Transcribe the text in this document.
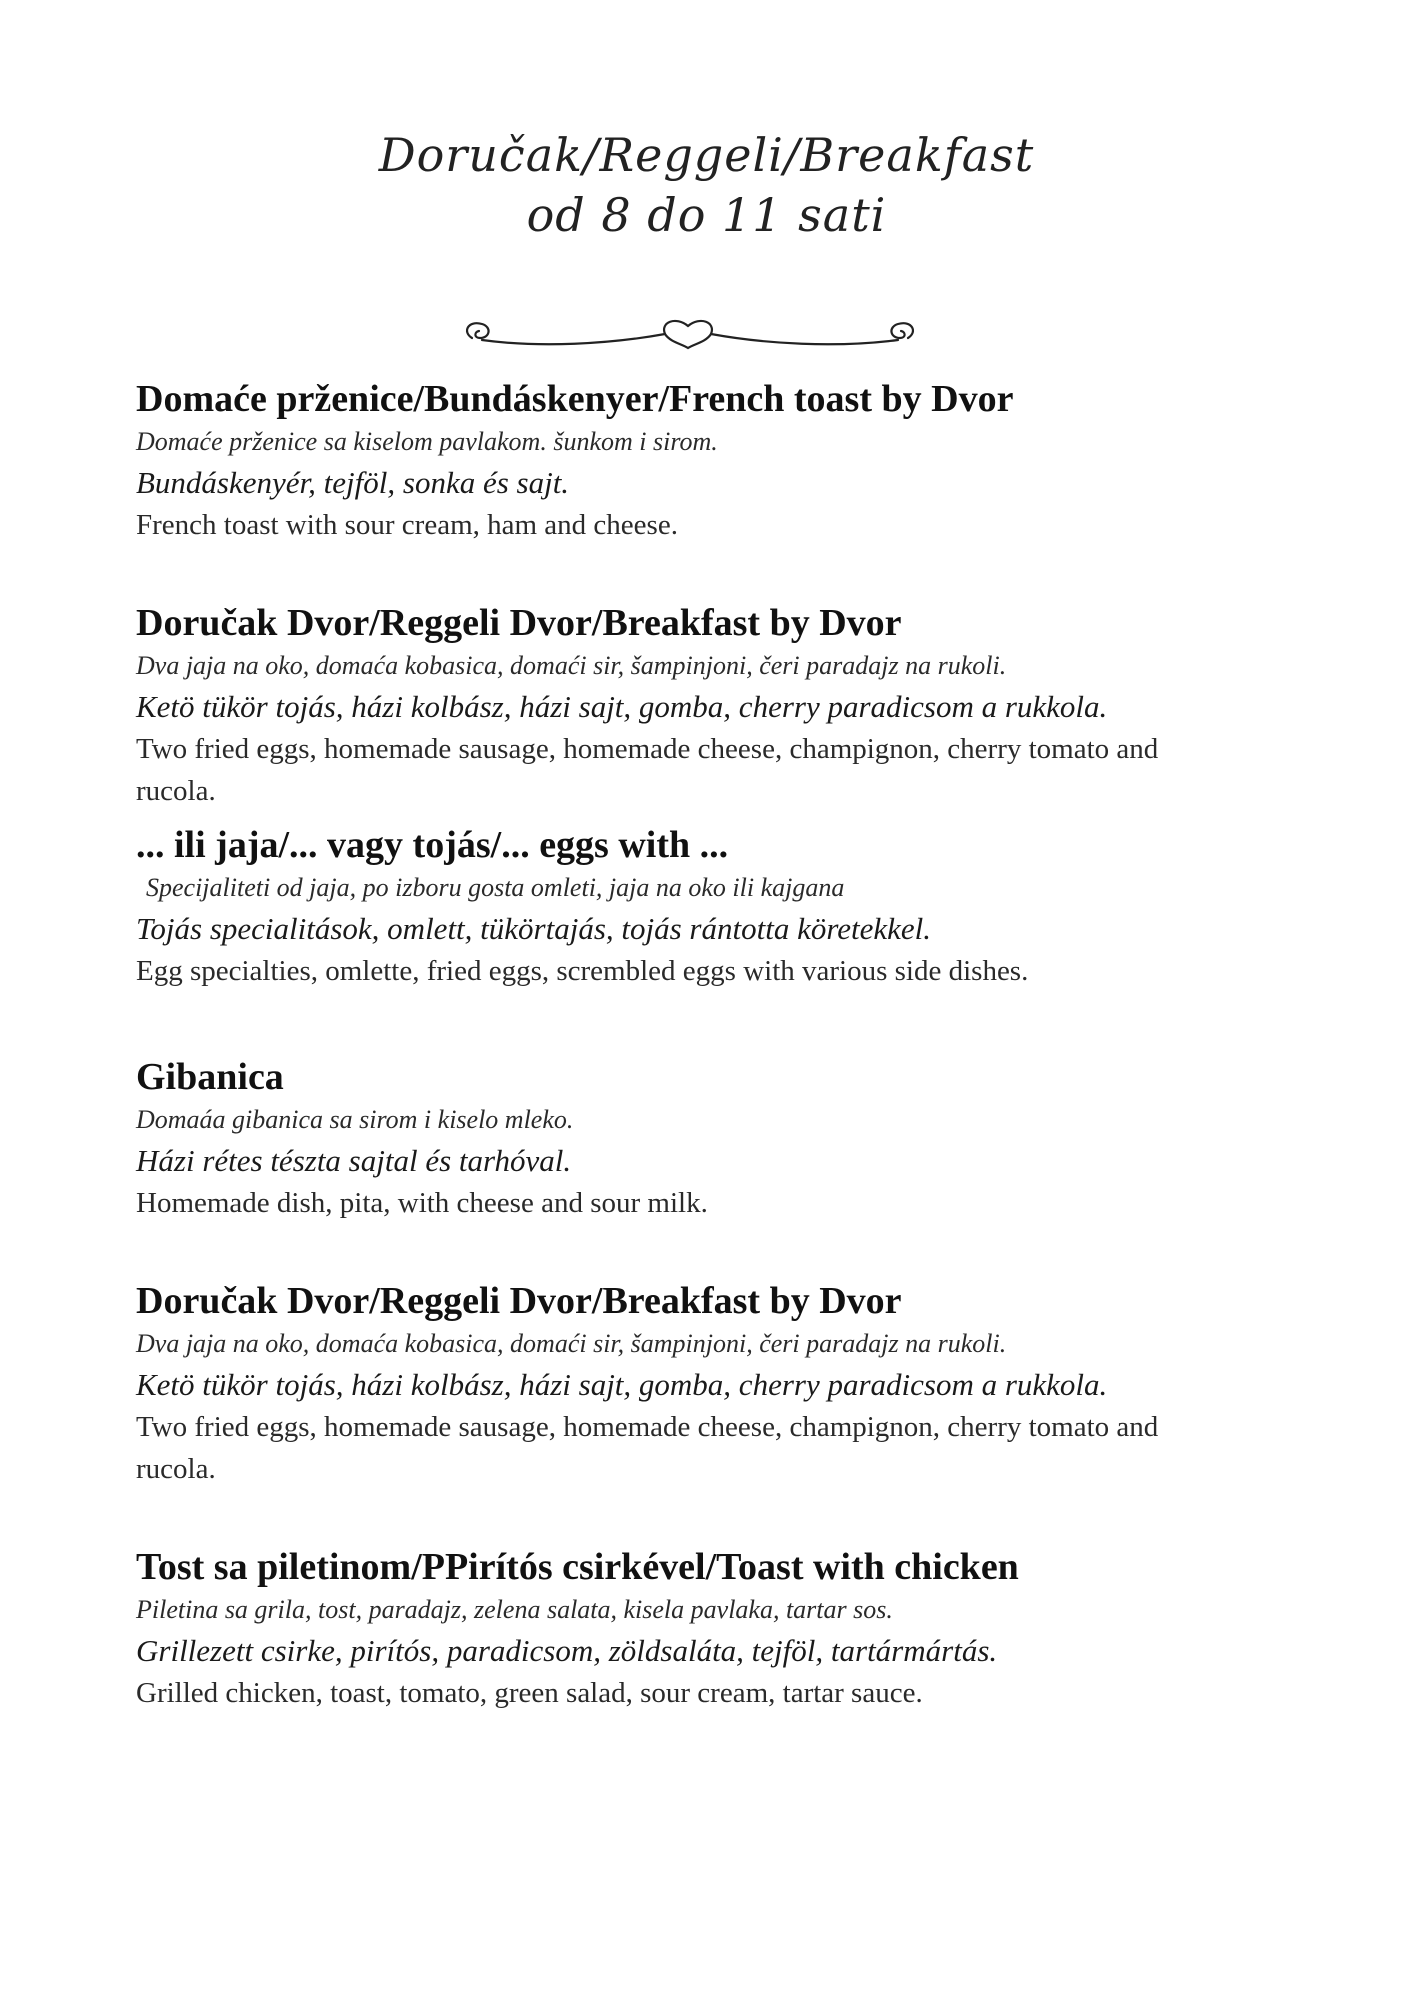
Doručak/Reggeli/Breakfast
od 8 do 11 sati
Domaće prženice/Bundáskenyer/French toast by Dvor
Domaće prženice sa kiselom pavlakom. šunkom i sirom.
Bundáskenyér, tejföl, sonka és sajt.
French toast with sour cream, ham and cheese.
Doručak Dvor/Reggeli Dvor/Breakfast by Dvor
Dva jaja na oko, domaća kobasica, domaći sir, šampinjoni, čeri paradajz na rukoli.
Ketö tükör tojás, házi kolbász, házi sajt, gomba, cherry paradicsom a rukkola.
Two fried eggs, homemade sausage, homemade cheese, champignon, cherry tomato and rucola.
... ili jaja/... vagy tojás/... eggs with ...
Specijaliteti od jaja, po izboru gosta omleti, jaja na oko ili kajgana
Tojás specialitások, omlett, tükörtajás, tojás rántotta köretekkel.
Egg specialties, omlette, fried eggs, scrembled eggs with various side dishes.
Gibanica
Domaáa gibanica sa sirom i kiselo mleko.
Házi rétes tészta sajtal és tarhóval.
Homemade dish, pita, with cheese and sour milk.
Doručak Dvor/Reggeli Dvor/Breakfast by Dvor
Dva jaja na oko, domaća kobasica, domaći sir, šampinjoni, čeri paradajz na rukoli.
Ketö tükör tojás, házi kolbász, házi sajt, gomba, cherry paradicsom a rukkola.
Two fried eggs, homemade sausage, homemade cheese, champignon, cherry tomato and rucola.
Tost sa piletinom/PPirítós csirkével/Toast with chicken
Piletina sa grila, tost, paradajz, zelena salata, kisela pavlaka, tartar sos.
Grillezett csirke, pirítós, paradicsom, zöldsaláta, tejföl, tartármártás.
Grilled chicken, toast, tomato, green salad, sour cream, tartar sauce.
